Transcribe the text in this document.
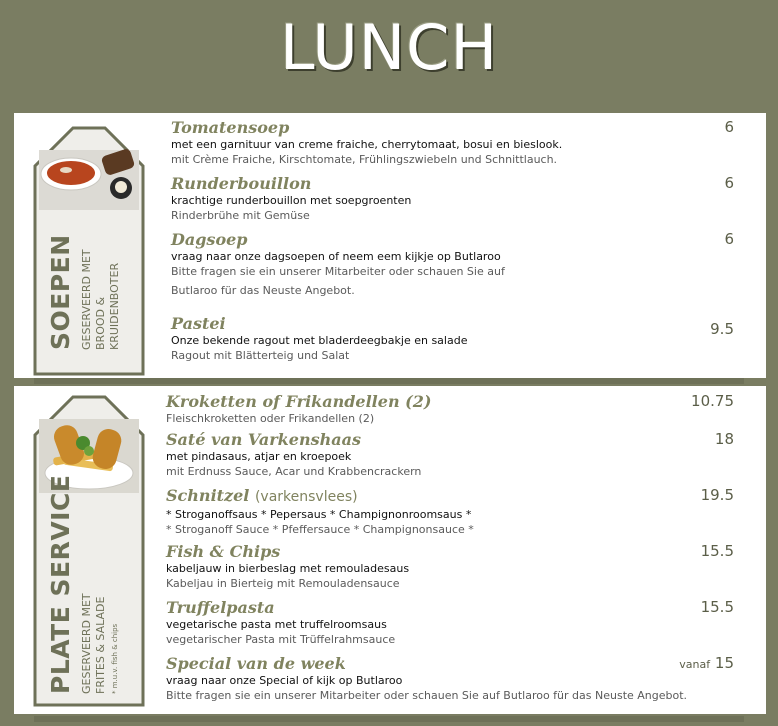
LUNCH
SOEPEN GESERVEERD MET BROOD & KRUIDENBOTER
Tomatensoep
met een garnituur van creme fraiche, cherrytomaat, bosui en bieslook.
mit Crème Fraiche, Kirschtomate, Frühlingszwiebeln und Schnittlauch.
6
Runderbouillon
krachtige runderbouillon met soepgroenten
Rinderbrühe mit Gemüse
6
Dagsoep
vraag naar onze dagsoepen of neem eem kijkje op Butlaroo
Bitte fragen sie ein unserer Mitarbeiter oder schauen Sie auf
Butlaroo für das Neuste Angebot.
6
Pastei
Onze bekende ragout met bladerdeegbakje en salade
Ragout mit Blätterteig und Salat
9.5
PLATE SERVICE GESERVEERD MET FRITES & SALADE * m.u.v. fish & chips
Kroketten of Frikandellen (2)
Fleischkroketten oder Frikandellen (2)
10.75
Saté van Varkenshaas
met pindasaus, atjar en kroepoek
mit Erdnuss Sauce, Acar und Krabbencrackern
18
Schnitzel (varkensvlees)
* Stroganoffsaus * Pepersaus * Champignonroomsaus *
* Stroganoff Sauce * Pfeffersauce * Champignonsauce *
19.5
Fish & Chips
kabeljauw in bierbeslag met remouladesaus
Kabeljau in Bierteig mit Remouladensauce
15.5
Truffelpasta
vegetarische pasta met truffelroomsaus
vegetarischer Pasta mit Trüffelrahmsauce
15.5
Special van de week
vraag naar onze Special of kijk op Butlaroo
Bitte fragen sie ein unserer Mitarbeiter oder schauen Sie auf Butlaroo für das Neuste Angebot.
vanaf 15
